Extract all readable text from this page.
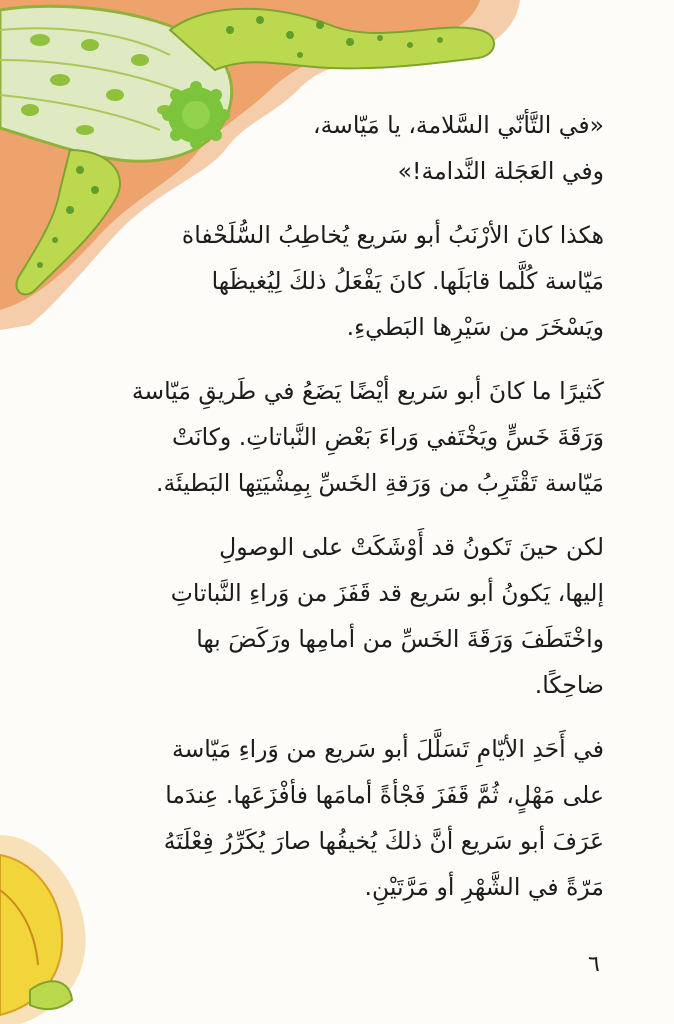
«في التَّأنّي السَّلامة، يا مَيّاسة،
وفي العَجَلة النَّدامة!»
هكذا كانَ الأرْنَبُ أبو سَريع يُخاطِبُ السُّلَحْفاة
مَيّاسة كُلَّما قابَلَها. كانَ يَفْعَلُ ذلكَ لِيُغيظَها
ويَسْخَرَ من سَيْرِها البَطيءِ.
كَثيرًا ما كانَ أبو سَريع أيْضًا يَضَعُ في طَريقِ مَيّاسة
وَرَقَةَ خَسٍّ ويَخْتَفي وَراءَ بَعْضِ النَّباتاتِ. وكانَتْ
مَيّاسة تَقْتَرِبُ من وَرَقةِ الخَسِّ بِمِشْيَتِها البَطيئَة.
لكن حينَ تَكونُ قد أَوْشَكَتْ على الوصولِ
إليها، يَكونُ أبو سَريع قد قَفَزَ من وَراءِ النَّباتاتِ
واخْتَطَفَ وَرَقَةَ الخَسِّ من أمامِها ورَكَضَ بها
ضاحِكًا.
في أَحَدِ الأيّامِ تَسَلَّلَ أبو سَريع من وَراءِ مَيّاسة
على مَهْلٍ، ثُمَّ قَفَزَ فَجْأةً أمامَها فأفْزَعَها. عِندَما
عَرَفَ أبو سَريع أنَّ ذلكَ يُخيفُها صارَ يُكَرِّرُ فِعْلَتَهُ
مَرّةً في الشَّهْرِ أو مَرَّتَيْنِ.
٦
